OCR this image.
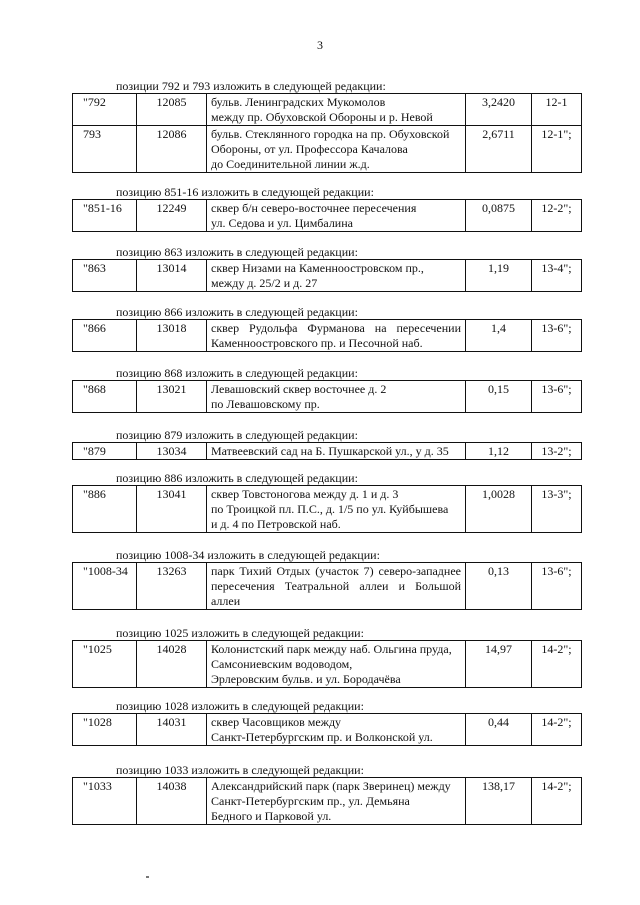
3
позиции 792 и 793 изложить в следующей редакции:
"792	12085	бульв. Ленинградских Мукомолов
между пр. Обуховской Обороны и р. Невой	3,2420	12-1
793	12086	бульв. Стеклянного городка на пр. Обуховской
Обороны, от ул. Профессора Качалова
до Соединительной линии ж.д.	2,6711	12-1";
позицию 851-16 изложить в следующей редакции:
"851-16	12249	сквер б/н северо-восточнее пересечения
ул. Седова и ул. Цимбалина
	0,0875	12-2";
позицию 863 изложить в следующей редакции:
"863	13014	сквер Низами на Каменноостровском пр.,
между д. 25/2 и д. 27
	1,19	13-4";
позицию 866 изложить в следующей редакции:
"866	13018	сквер Рудольфа Фурманова на пересечении
Каменноостровского пр. и Песочной наб.
	1,4	13-6";
позицию 868 изложить в следующей редакции:
"868	13021	Левашовский сквер восточнее д. 2
по Левашовскому пр.
	0,15	13-6";
позицию 879 изложить в следующей редакции:
"879	13034	Матвеевский сад на Б. Пушкарской ул., у д. 35	1,12	13-2";
позицию 886 изложить в следующей редакции:
"886	13041	сквер Товстоногова между д. 1 и д. 3
по Троицкой пл. П.С., д. 1/5 по ул. Куйбышева
и д. 4 по Петровской наб.
	1,0028	13-3";
позицию 1008-34 изложить в следующей редакции:
"1008-34	13263	парк Тихий Отдых (участок 7) северо-западнее
пересечения Театральной аллеи и Большой
аллеи
	0,13	13-6";
позицию 1025 изложить в следующей редакции:
"1025	14028	Колонистский парк между наб. Ольгина пруда,
Самсониевским водоводом,
Эрлеровским бульв. и ул. Бородачёва
	14,97	14-2";
позицию 1028 изложить в следующей редакции:
"1028	14031	сквер Часовщиков между
Санкт-Петербургским пр. и Волконской ул.
	0,44	14-2";
позицию 1033 изложить в следующей редакции:
"1033	14038	Александрийский парк (парк Зверинец) между
Санкт-Петербургским пр., ул. Демьяна
Бедного и Парковой ул.
	138,17	14-2";
